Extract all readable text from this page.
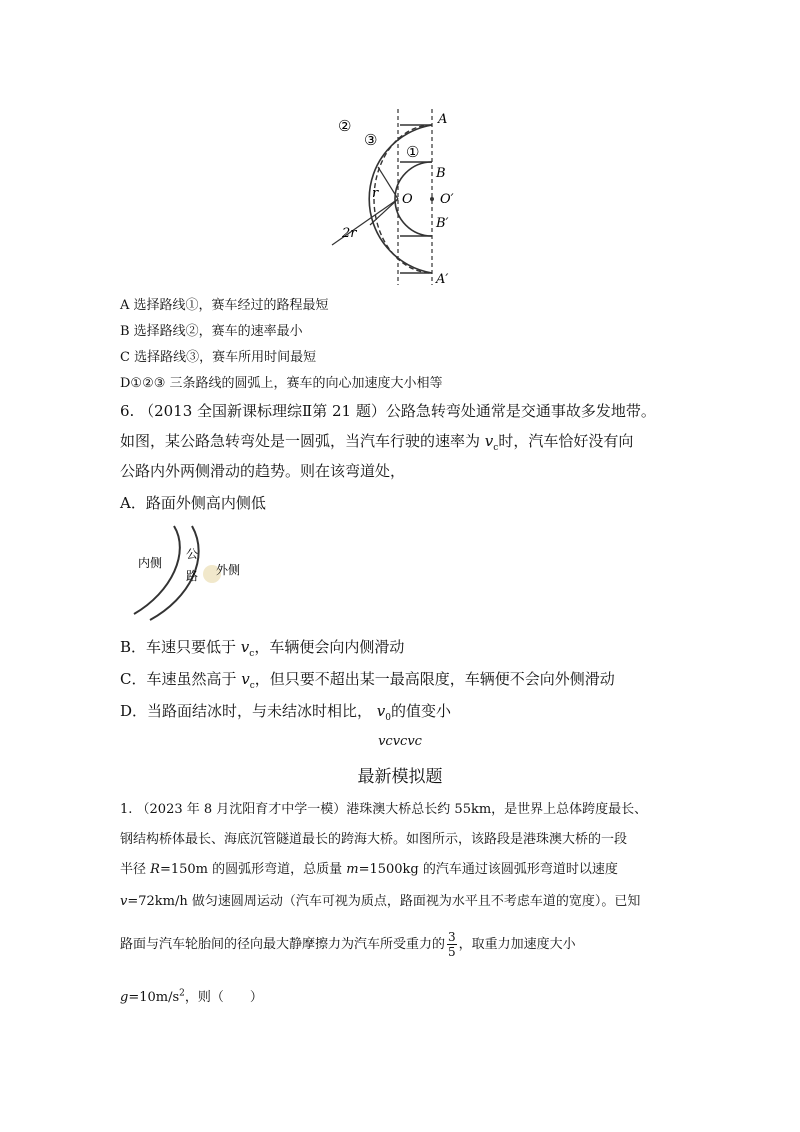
②
③
①
A
B
O O′
B′
A′
r
2r
A 选择路线①，赛车经过的路程最短
B 选择路线②，赛车的速率最小
C 选择路线③，赛车所用时间最短
D①②③ 三条路线的圆弧上，赛车的向心加速度大小相等
6. （2013 全国新课标理综Ⅱ第 21 题）公路急转弯处通常是交通事故多发地带。
如图，某公路急转弯处是一圆弧，当汽车行驶的速率为 $v_c$时，汽车恰好没有向
公路内外两侧滑动的趋势。则在该弯道处，
A．路面外侧高内侧低
内侧
公
路 外侧
B．车速只要低于 $v_c$，车辆便会向内侧滑动
C．车速虽然高于 $v_c$，但只要不超出某一最高限度，车辆便不会向外侧滑动
D．当路面结冰时，与未结冰时相比， $v_0$的值变小
vcvcvc
最新模拟题
1. （2023 年 8 月沈阳育才中学一模）港珠澳大桥总长约 55km，是世界上总体跨度最长、
钢结构桥体最长、海底沉管隧道最长的跨海大桥。如图所示，该路段是港珠澳大桥的一段
半径 R=150m 的圆弧形弯道，总质量 m=1500kg 的汽车通过该圆弧形弯道时以速度
v=72km/h 做匀速圆周运动（汽车可视为质点，路面视为水平且不考虑车道的宽度）。已知
路面与汽车轮胎间的径向最大静摩擦力为汽车所受重力的 $\frac{3}{5}$ ，取重力加速度大小
$g=10m/s^2$，则（　　）
